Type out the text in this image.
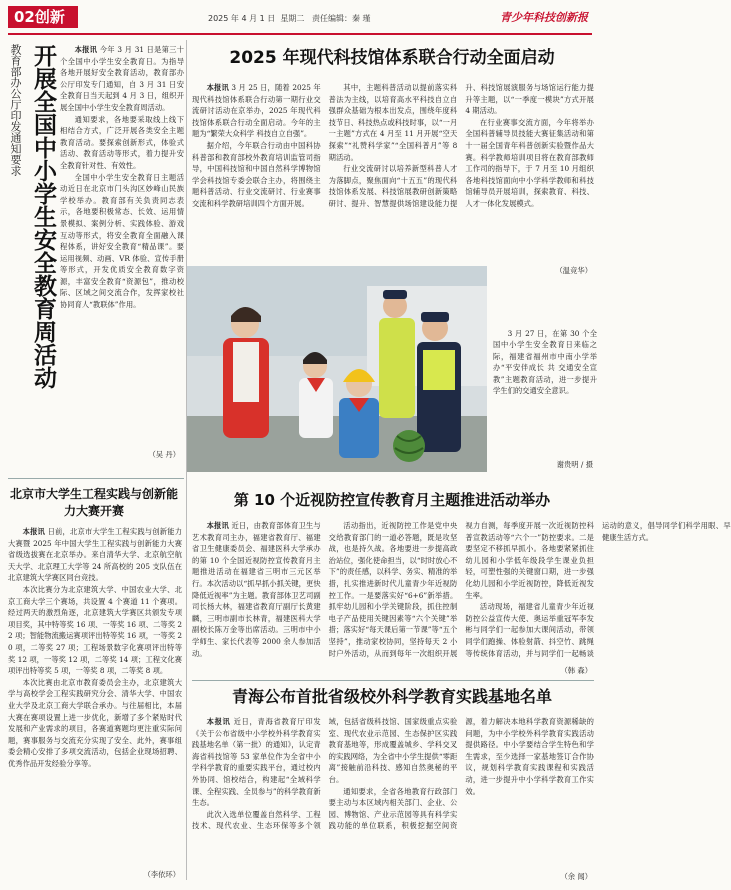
02创新	2025 年 4 月 1 日 星期二 责任编辑：秦 瑾	青少年科技创新报
教育部办公厅印发通知要求 开展全国中小学生安全教育周活动	本报讯 今年 3 月 31 日是第三十个全国中小学生安全教育日。为指导各地开展好安全教育活动，教育部办公厅印发专门通知，自 3 月 31 日安全教育日当天起到 4 月 3 日，组织开展全国中小学生安全教育周活动。

通知要求，各地要采取线上线下相结合方式，广泛开展各类安全主题教育活动。要探索创新形式，体验式活动、教育活动等形式，着力提升安全教育针对性、有效性。

全国中小学生安全教育日主题活动近日在北京市门头沟区妙峰山民族学校举办。教育部有关负责同志表示，各地要积极常态、长效、运用情景模拟、案例分析、实践体验、游戏互动等形式，将安全教育全面融入课程体系，讲好安全教育“精品课”。要运用视频、动画、VR 体验、宣传手册等形式，开发优质安全教育数字资源，丰富安全教育“资源包”，推动校际、区域之间交流合作，发挥家校社协同育人“教联体”作用。

（吴 丹）
2025 年现代科技馆体系联合行动全面启动

本报讯 3 月 25 日，随着 2025 年现代科技馆体系联合行动第一期行业交流研讨活动在京举办，2025 年现代科技馆体系联合行动全面启动。今年的主题为“繁荣大众科学 科技自立自强”。

据介绍，今年联合行动由中国科协科普部和教育部校外教育培训监管司指导，中国科技馆和中国自然科学博物馆学会科技馆专委会联合主办，将围绕主题科普活动、行业交流研讨、行业赛事交流和科学教研培训四个方面开展。

其中，主题科普活动以提前落实科普法为主线，以培育高水平科技自立自强群众基础为根本出发点，围绕年度科技节日、科技热点或科技时事，以“一月一主题”方式在 4 月至 11 月开展“空天探索”“礼赞科学家”“全国科普月”等 8 期活动。

行业交流研讨以培养新型科普人才为落脚点，聚焦面向“十五五”的现代科技馆体系发展、科技馆展教研创新策略研讨、提升、智慧提供场馆建设能力提升、科技馆展演服务与场馆运行能力提升等主题，以“一季度一模块”方式开展 4 期活动。

在行业赛事交流方面，今年将举办全国科普辅导员技能大赛征集活动和第十一届全国青年科普创新实验暨作品大赛。科学教师培训项目将在教育部教师工作司的指导下，于 7 月至 10 月组织各地科技馆面向中小学科学教师和科技馆辅导员开展培训，探索教育、科技、人才一体化发展模式。

（温竞华）
3 月 27 日，在第 30 个全国中小学生安全教育日来临之际，福建省福州市中南小学举办“平安伴成长 共 交通安全宣教”主题教育活动，进一步提升学生们的交通安全意识。
谢贵明 / 摄
北京市大学生工程实践与创新能力大赛开赛

本报讯 日前，北京市大学生工程实践与创新能力大赛暨 2025 年中国大学生工程实践与创新能力大赛省级选拔赛在北京举办。来自清华大学、北京航空航天大学、北京理工大学等 24 所高校的 205 支队伍在北京建筑大学赛区同台竞技。

本次比赛分为北京建筑大学、中国农业大学、北京工商大学三个赛场，共设置 4 个赛道 11 个赛项。经过两天的激烈角逐，北京建筑大学赛区共颁发专项项目奖，其中特等奖 16 项、一等奖 16 项、二等奖 22 项；智能物流搬运赛项评出特等奖 16 项，一等奖 20 项，二等奖 27 项；工程场景数字化赛项评出特等奖 12 项，一等奖 12 项，二等奖 14 项；工程文化赛项评出特等奖 5 项，一等奖 8 项，二等奖 8 项。

本次比赛由北京市教育委员会主办，北京建筑大学与高校学会工程实践研究分会、清华大学、中国农业大学及北京工商大学联合承办。与往届相比，本届大赛在赛项设置上进一步优化，新增了多个紧贴时代发展和产业需求的项目，各赛道赛题均更注重实际问题，赛事服务与交流充分实现了安全、此外，赛事组委会精心安排了多项交流活动，包括企业现场招聘、优秀作品开发经验分享等。

（李依环）
第 10 个近视防控宣传教育月主题推进活动举办

本报讯 近日，由教育部体育卫生与艺术教育司主办，福建省教育厅、福建省卫生健康委员会、福建医科大学承办的第 10 个全国近视防控宣传教育月主题推进活动在福建省三明市三元区举行。本次活动以“抓早抓小抓关键，更快降低近视率”为主题。教育部体卫艺司副司长杨大林，福建省教育厅副厅长黄建麟，三明市副市长林青，福建医科大学副校长陈万金等出席活动。三明市中小学师生、家长代表等 2000 余人参加活动。

活动指出，近视防控工作是党中央交给教育部门的一道必答题，既是攻坚战，也是持久战。各地要进一步提高政治站位，强化使命担当，以“时时放心不下”的责任感，以科学、务实、精准的举措，扎实推进新时代儿童青少年近视防控工作。一是要落实好“6+6”新举措。抓牢幼儿园和小学关键阶段，抓住控制电子产品使用关键因素等“六个关键”举措；落实好“每天课后第一节课”等“五个坚持”，推动家校协同，坚持每天 2 小时户外活动，从而到每年一次组织开展视力自测，每季度开展一次近视防控科普宣教活动等“六个一”防控要求。二是要坚定不移抓早抓小。各地要紧紧抓住幼儿园和小学低年级段学生课业负担轻，可塑性强的关键窗口期，进一步强化幼儿园和小学近视防控，降低近视发生率。

活动现场，福建省儿童青少年近视防控公益宣传大使、奥运举重冠军李发彬与同学们一起参加大课间活动，带领同学们跑操、体验射箭、抖空竹、跳绳等传统体育活动，并与同学们一起畅谈运动的意义，倡导同学们科学用眼、早健康生活方式。

（韩 森）
青海公布首批省级校外科学教育实践基地名单

本报讯 近日，青海省教育厅印发《关于公布省级中小学校外科学教育实践基地名单（第一批）的通知》，认定青海省科技馆等 53 家单位作为全省中小学科学教育的重要实践平台，通过校内外协同、馆校结合，构建起“全域科学课、全程实践、全员参与”的科学教育新生态。

此次入选单位覆盖自然科学、工程技术、现代农业、生态环保等多个领域，包括省级科技馆、国家级重点实验室、现代农业示范园、生态保护区实践教育基地等，形成覆盖城乡、学科交叉的实践网络，为全省中小学生提供“零距离”接触前沿科技、感知自然奥秘的平台。

通知要求，全省各地教育行政部门要主动与本区域内相关部门、企业、公园、博物馆、产业示范园等具有科学实践功能的单位联系，积极挖掘空间资源，着力解决本地科学教育资源稀缺的问题，为中小学校外科学教育实践活动提供路径。中小学要结合学生特色和学生需求，至少选择一家基地签订合作协议，规划科学教育实践课程和实践活动，进一步提升中小学科学教育工作实效。

（余 闻）
